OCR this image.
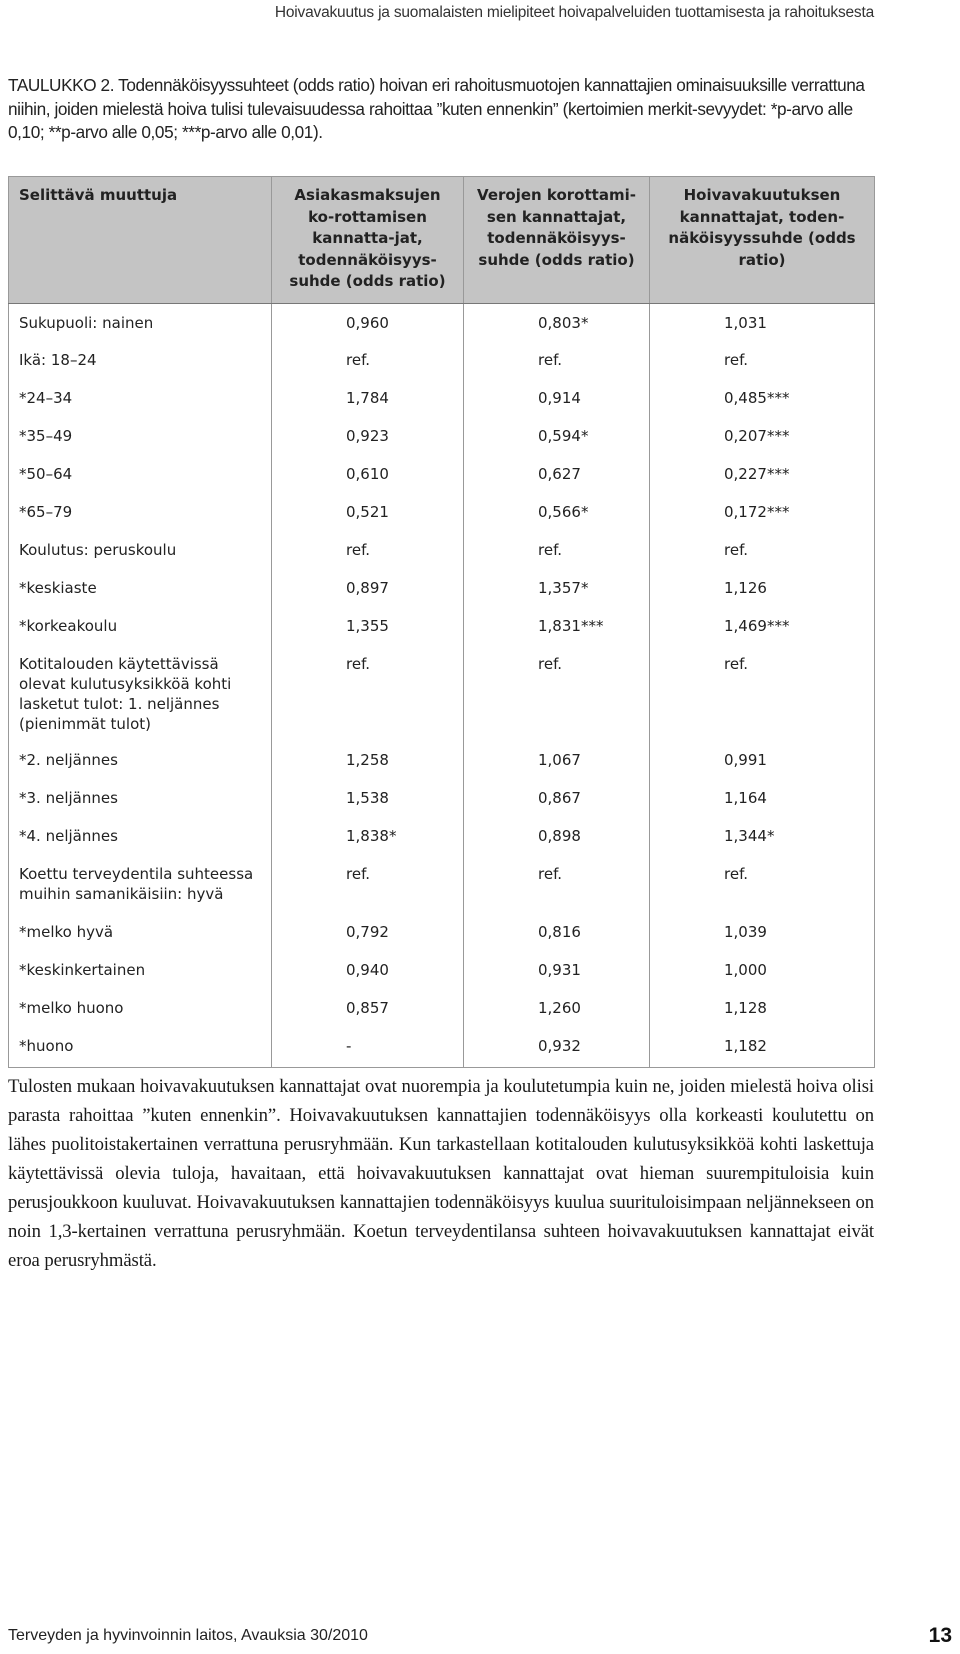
Hoivavakuutus ja suomalaisten mielipiteet hoivapalveluiden tuottamisesta ja rahoituksesta
TAULUKKO 2. Todennäköisyyssuhteet (odds ratio) hoivan eri rahoitusmuotojen kannattajien ominaisuuksille verrattuna niihin, joiden mielestä hoiva tulisi tulevaisuudessa rahoittaa ”kuten ennenkin” (kertoimien merkit-sevyydet: *p-arvo alle 0,10; **p-arvo alle 0,05; ***p-arvo alle 0,01).
Selittävä muuttuja	Asiakasmaksujen ko-rottamisen kannatta-jat, todennäköisyys-suhde (odds ratio)	Verojen korottami-sen kannattajat, todennäköisyys-suhde (odds ratio)	Hoivavakuutuksen kannattajat, toden-näköisyyssuhde (odds ratio)
Sukupuoli: nainen	0,960	0,803*	1,031
Ikä: 18–24	ref.	ref.	ref.
*24–34	1,784	0,914	0,485***
*35–49	0,923	0,594*	0,207***
*50–64	0,610	0,627	0,227***
*65–79	0,521	0,566*	0,172***
Koulutus: peruskoulu	ref.	ref.	ref.
*keskiaste	0,897	1,357*	1,126
*korkeakoulu	1,355	1,831***	1,469***
Kotitalouden käytettävissä olevat kulutusyksikköä kohti lasketut tulot: 1. neljännes (pienimmät tulot)	ref.	ref.	ref.
*2. neljännes	1,258	1,067	0,991
*3. neljännes	1,538	0,867	1,164
*4. neljännes	1,838*	0,898	1,344*
Koettu terveydentila suhteessa muihin samanikäisiin: hyvä	ref.	ref.	ref.
*melko hyvä	0,792	0,816	1,039
*keskinkertainen	0,940	0,931	1,000
*melko huono	0,857	1,260	1,128
*huono	-	0,932	1,182
Tulosten mukaan hoivavakuutuksen kannattajat ovat nuorempia ja koulutetumpia kuin ne, joiden mielestä hoiva olisi parasta rahoittaa ”kuten ennenkin”. Hoivavakuutuksen kannattajien todennäköisyys olla korkeasti koulutettu on lähes puolitoistakertainen verrattuna perusryhmään. Kun tarkastellaan kotitalouden kulutusyksikköä kohti laskettuja käytettävissä olevia tuloja, havaitaan, että hoivavakuutuksen kannattajat ovat hieman suurempituloisia kuin perusjoukkoon kuuluvat. Hoivavakuutuksen kannattajien todennäköisyys kuulua suurituloisimpaan neljännekseen on noin 1,3-kertainen verrattuna perusryhmään. Koetun terveydentilansa suhteen hoivavakuutuksen kannattajat eivät eroa perusryhmästä.
Terveyden ja hyvinvoinnin laitos, Avauksia 30/2010	13
